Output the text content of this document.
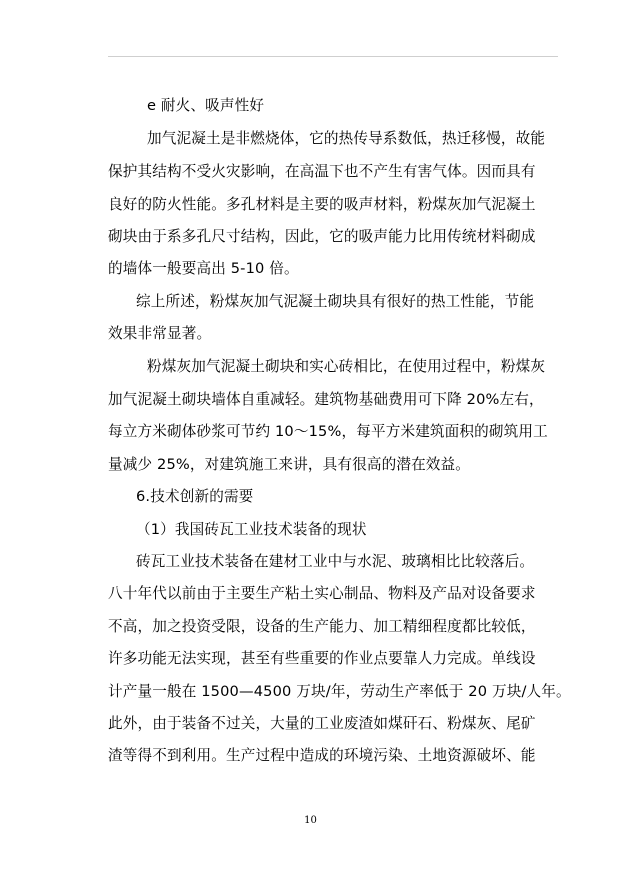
e 耐火、吸声性好
加气泥凝土是非燃烧体，它的热传导系数低，热迁移慢，故能
保护其结构不受火灾影响，在高温下也不产生有害气体。因而具有
良好的防火性能。多孔材料是主要的吸声材料，粉煤灰加气泥凝土
砌块由于系多孔尺寸结构，因此，它的吸声能力比用传统材料砌成
的墙体一般要高出 5-10 倍。
综上所述，粉煤灰加气泥凝土砌块具有很好的热工性能，节能
效果非常显著。
粉煤灰加气泥凝土砌块和实心砖相比，在使用过程中，粉煤灰
加气泥凝土砌块墙体自重减轻。建筑物基础费用可下降 20%左右，
每立方米砌体砂浆可节约 10～15%，每平方米建筑面积的砌筑用工
量减少 25%，对建筑施工来讲，具有很高的潜在效益。
6.技术创新的需要
（1）我国砖瓦工业技术装备的现状
砖瓦工业技术装备在建材工业中与水泥、玻璃相比比较落后。
八十年代以前由于主要生产粘土实心制品、物料及产品对设备要求
不高，加之投资受限，设备的生产能力、加工精细程度都比较低，
许多功能无法实现，甚至有些重要的作业点要靠人力完成。单线设
计产量一般在 1500—4500 万块/年，劳动生产率低于 20 万块/人年。
此外，由于装备不过关，大量的工业废渣如煤矸石、粉煤灰、尾矿
渣等得不到利用。生产过程中造成的环境污染、土地资源破坏、能
10
